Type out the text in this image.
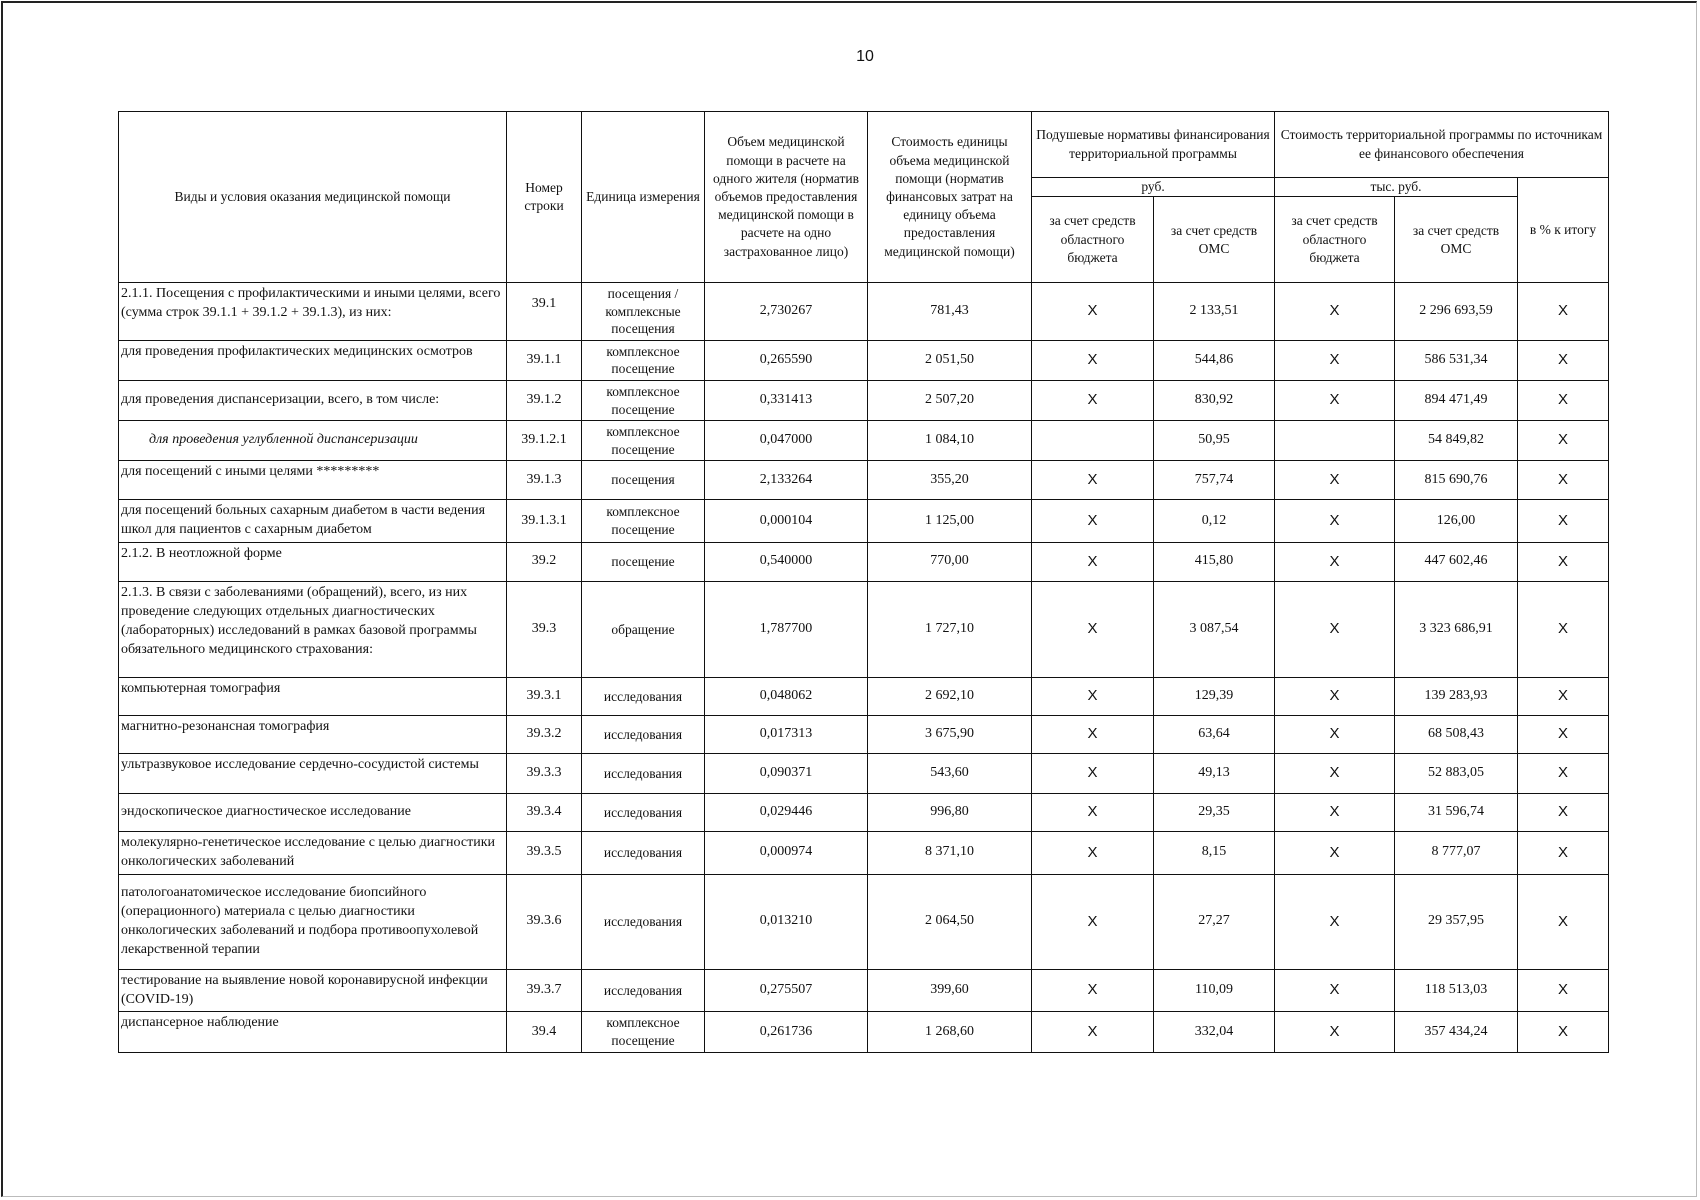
10
Виды и условия оказания медицинской помощи	Номер строки	Единица измерения	Объем медицинской помощи в расчете на одного жителя (норматив объемов предоставления медицинской помощи в расчете на одно застрахованное лицо)	Стоимость единицы объема медицинской помощи (норматив финансовых затрат на единицу объема предоставления медицинской помощи)	Подушевые нормативы финансирования территориальной программы		Стоимость территориальной программы по источникам ее финансового обеспечения		
					руб.		тыс. руб.		в % к итогу
					за счет средств областного бюджета	за счет средств ОМС	за счет средств областного бюджета	за счет средств ОМС	
2.1.1. Посещения с профилактическими и иными целями, всего (сумма строк 39.1.1 + 39.1.2 + 39.1.3), из них:	39.1	посещения / комплексные посещения	2,730267	781,43	X	2 133,51	X	2 296 693,59	X
для проведения профилактических медицинских осмотров	39.1.1	комплексное посещение	0,265590	2 051,50	X	544,86	X	586 531,34	X
для проведения диспансеризации, всего, в том числе:	39.1.2	комплексное посещение	0,331413	2 507,20	X	830,92	X	894 471,49	X
для проведения углубленной диспансеризации	39.1.2.1	комплексное посещение	0,047000	1 084,10		50,95		54 849,82	X
для посещений с иными целями *********	39.1.3	посещения	2,133264	355,20	X	757,74	X	815 690,76	X
для посещений больных сахарным диабетом в части ведения школ для пациентов с сахарным диабетом	39.1.3.1	комплексное посещение	0,000104	1 125,00	X	0,12	X	126,00	X
2.1.2. В неотложной форме	39.2	посещение	0,540000	770,00	X	415,80	X	447 602,46	X
2.1.3. В связи с заболеваниями (обращений), всего, из них проведение следующих отдельных диагностических (лабораторных) исследований в рамках базовой программы обязательного медицинского страхования:	39.3	обращение	1,787700	1 727,10	X	3 087,54	X	3 323 686,91	X
компьютерная томография	39.3.1	исследования	0,048062	2 692,10	X	129,39	X	139 283,93	X
магнитно-резонансная томография	39.3.2	исследования	0,017313	3 675,90	X	63,64	X	68 508,43	X
ультразвуковое исследование сердечно-сосудистой системы	39.3.3	исследования	0,090371	543,60	X	49,13	X	52 883,05	X
эндоскопическое диагностическое исследование	39.3.4	исследования	0,029446	996,80	X	29,35	X	31 596,74	X
молекулярно-генетическое исследование с целью диагностики онкологических заболеваний	39.3.5	исследования	0,000974	8 371,10	X	8,15	X	8 777,07	X
патологоанатомическое исследование биопсийного (операционного) материала с целью диагностики онкологических заболеваний и подбора противоопухолевой лекарственной терапии	39.3.6	исследования	0,013210	2 064,50	X	27,27	X	29 357,95	X
тестирование на выявление новой коронавирусной инфекции (COVID-19)	39.3.7	исследования	0,275507	399,60	X	110,09	X	118 513,03	X
диспансерное наблюдение	39.4	комплексное посещение	0,261736	1 268,60	X	332,04	X	357 434,24	X
